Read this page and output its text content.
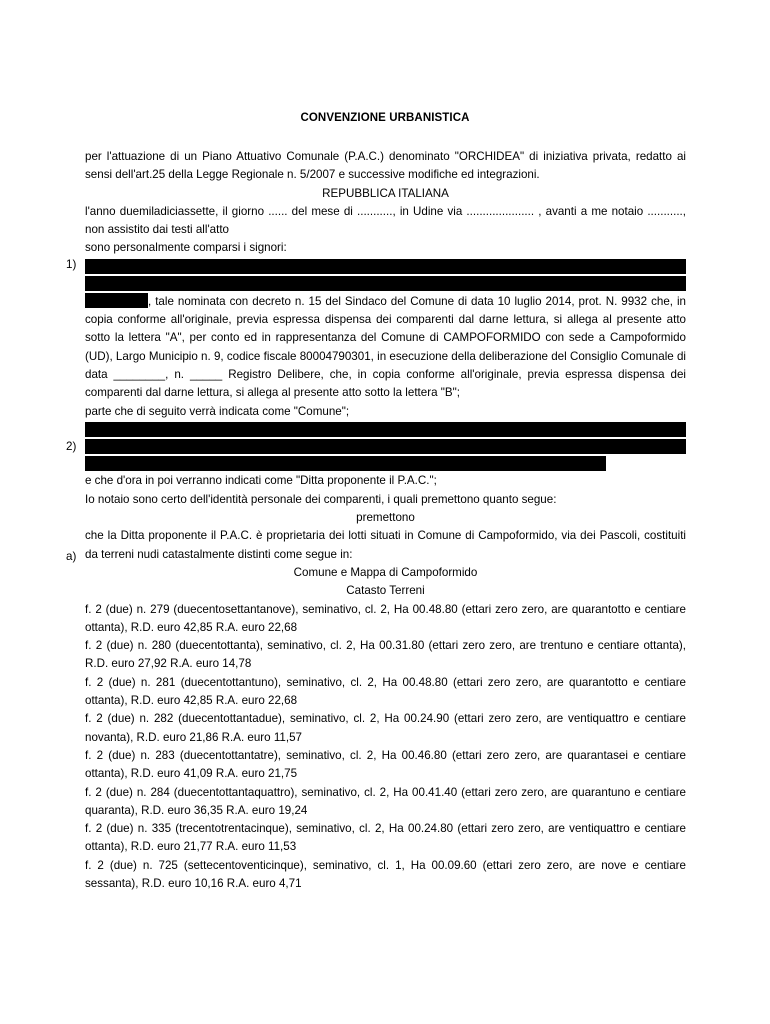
CONVENZIONE URBANISTICA
1)
2)
a)

per l'attuazione di un Piano Attuativo Comunale (P.A.C.) denominato "ORCHIDEA" di iniziativa privata, redatto ai sensi dell'art.25 della Legge Regionale n. 5/2007 e successive modifiche ed integrazioni.

REPUBBLICA ITALIANA

l'anno duemiladiciassette, il giorno ...... del mese di ..........., in Udine via ..................... , avanti a me notaio ..........., non assistito dai testi all'atto

sono personalmente comparsi i signori:

, tale nominata con decreto n. 15 del Sindaco del Comune di data 10 luglio 2014, prot. N. 9932 che, in copia conforme all'originale, previa espressa dispensa dei comparenti dal darne lettura, si allega al presente atto sotto la lettera "A", per conto ed in rappresentanza del Comune di CAMPOFORMIDO con sede a Campoformido (UD), Largo Municipio n. 9, codice fiscale 80004790301, in esecuzione della deliberazione del Consiglio Comunale di data ________, n. _____ Registro Delibere, che, in copia conforme all'originale, previa espressa dispensa dei comparenti dal darne lettura, si allega al presente atto sotto la lettera "B";

parte che di seguito verrà indicata come "Comune";

e che d'ora in poi verranno indicati come "Ditta proponente il P.A.C.";

Io notaio sono certo dell'identità personale dei comparenti, i quali premettono quanto segue:

premettono

che la Ditta proponente il P.A.C. è proprietaria dei lotti situati in Comune di Campoformido, via dei Pascoli, costituiti da terreni nudi catastalmente distinti come segue in:

Comune e Mappa di Campoformido

Catasto Terreni

f. 2 (due) n. 279 (duecentosettantanove), seminativo, cl. 2, Ha 00.48.80 (ettari zero zero, are quarantotto e centiare ottanta), R.D. euro 42,85 R.A. euro 22,68

f. 2 (due) n. 280 (duecentottanta), seminativo, cl. 2, Ha 00.31.80 (ettari zero zero, are trentuno e centiare ottanta), R.D. euro 27,92 R.A. euro 14,78

f. 2 (due) n. 281 (duecentottantuno), seminativo, cl. 2, Ha 00.48.80 (ettari zero zero, are quarantotto e centiare ottanta), R.D. euro 42,85 R.A. euro 22,68

f. 2 (due) n. 282 (duecentottantadue), seminativo, cl. 2, Ha 00.24.90 (ettari zero zero, are ventiquattro e centiare novanta), R.D. euro 21,86 R.A. euro 11,57

f. 2 (due) n. 283 (duecentottantatre), seminativo, cl. 2, Ha 00.46.80 (ettari zero zero, are quarantasei e centiare ottanta), R.D. euro 41,09 R.A. euro 21,75

f. 2 (due) n. 284 (duecentottantaquattro), seminativo, cl. 2, Ha 00.41.40 (ettari zero zero, are quarantuno e centiare quaranta), R.D. euro 36,35 R.A. euro 19,24

f. 2 (due) n. 335 (trecentotrentacinque), seminativo, cl. 2, Ha 00.24.80 (ettari zero zero, are ventiquattro e centiare ottanta), R.D. euro 21,77 R.A. euro 11,53

f. 2 (due) n. 725 (settecentoventicinque), seminativo, cl. 1, Ha 00.09.60 (ettari zero zero, are nove e centiare sessanta), R.D. euro 10,16 R.A. euro 4,71
